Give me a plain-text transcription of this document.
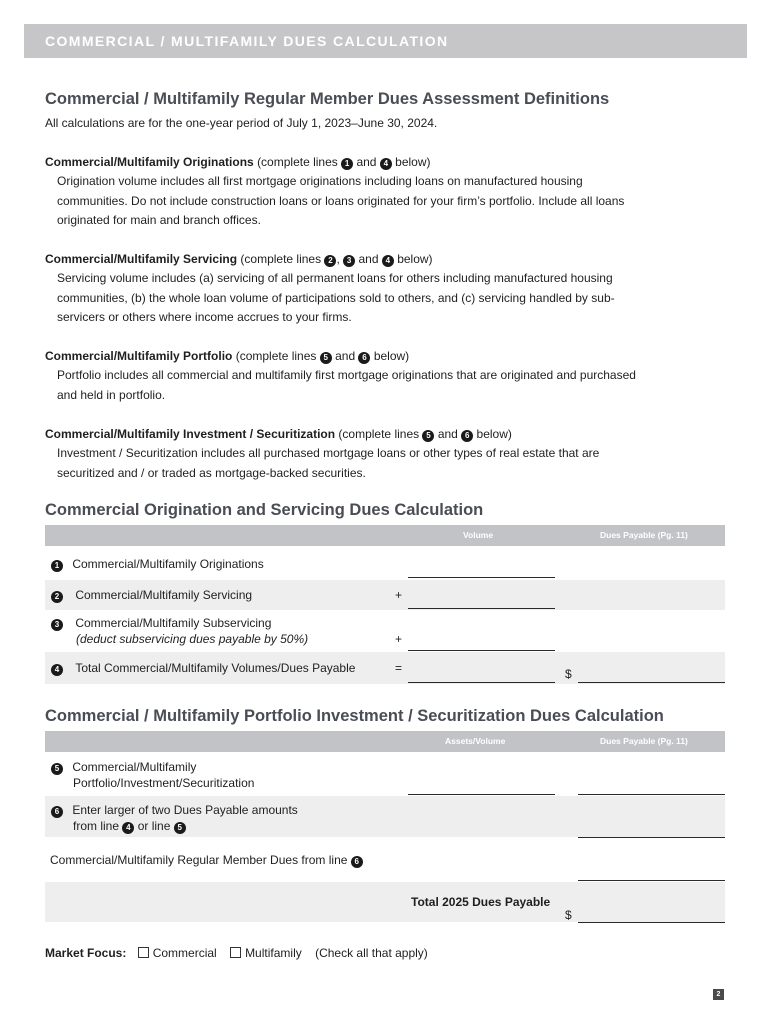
COMMERCIAL / MULTIFAMILY DUES CALCULATION
Commercial / Multifamily Regular Member Dues Assessment Definitions
All calculations are for the one-year period of July 1, 2023–June 30, 2024.
Commercial/Multifamily Originations (complete lines 1 and 4 below)
Origination volume includes all first mortgage originations including loans on manufactured housing
communities. Do not include construction loans or loans originated for your firm’s portfolio. Include all loans
originated for main and branch offices.
Commercial/Multifamily Servicing (complete lines 2 , 3 and 4 below)
Servicing volume includes (a) servicing of all permanent loans for others including manufactured housing
communities, (b) the whole loan volume of participations sold to others, and (c) servicing handled by sub-
servicers or others where income accrues to your firms.
Commercial/Multifamily Portfolio (complete lines 5 and 6 below)
Portfolio includes all commercial and multifamily first mortgage originations that are originated and purchased
and held in portfolio.
Commercial/Multifamily Investment / Securitization (complete lines 5 and 6 below)
Investment / Securitization includes all purchased mortgage loans or other types of real estate that are
securitized and / or traded as mortgage-backed securities.
Commercial Origination and Servicing Dues Calculation
Volume	Dues Payable (Pg. 11)
1 Commercial/Multifamily Originations
2 Commercial/Multifamily Servicing	+
3 Commercial/Multifamily Subservicing
(deduct subservicing dues payable by 50%)	+
4 Total Commercial/Multifamily Volumes/Dues Payable	=	$
Commercial / Multifamily Portfolio Investment / Securitization Dues Calculation
Assets/Volume	Dues Payable (Pg. 11)
5 Commercial/Multifamily
Portfolio/Investment/Securitization
6 Enter larger of two Dues Payable amounts
from line 4 or line 5
Commercial/Multifamily Regular Member Dues from line 6
Total 2025 Dues Payable
$
Market Focus: Commercial Multifamily (Check all that apply)
2
